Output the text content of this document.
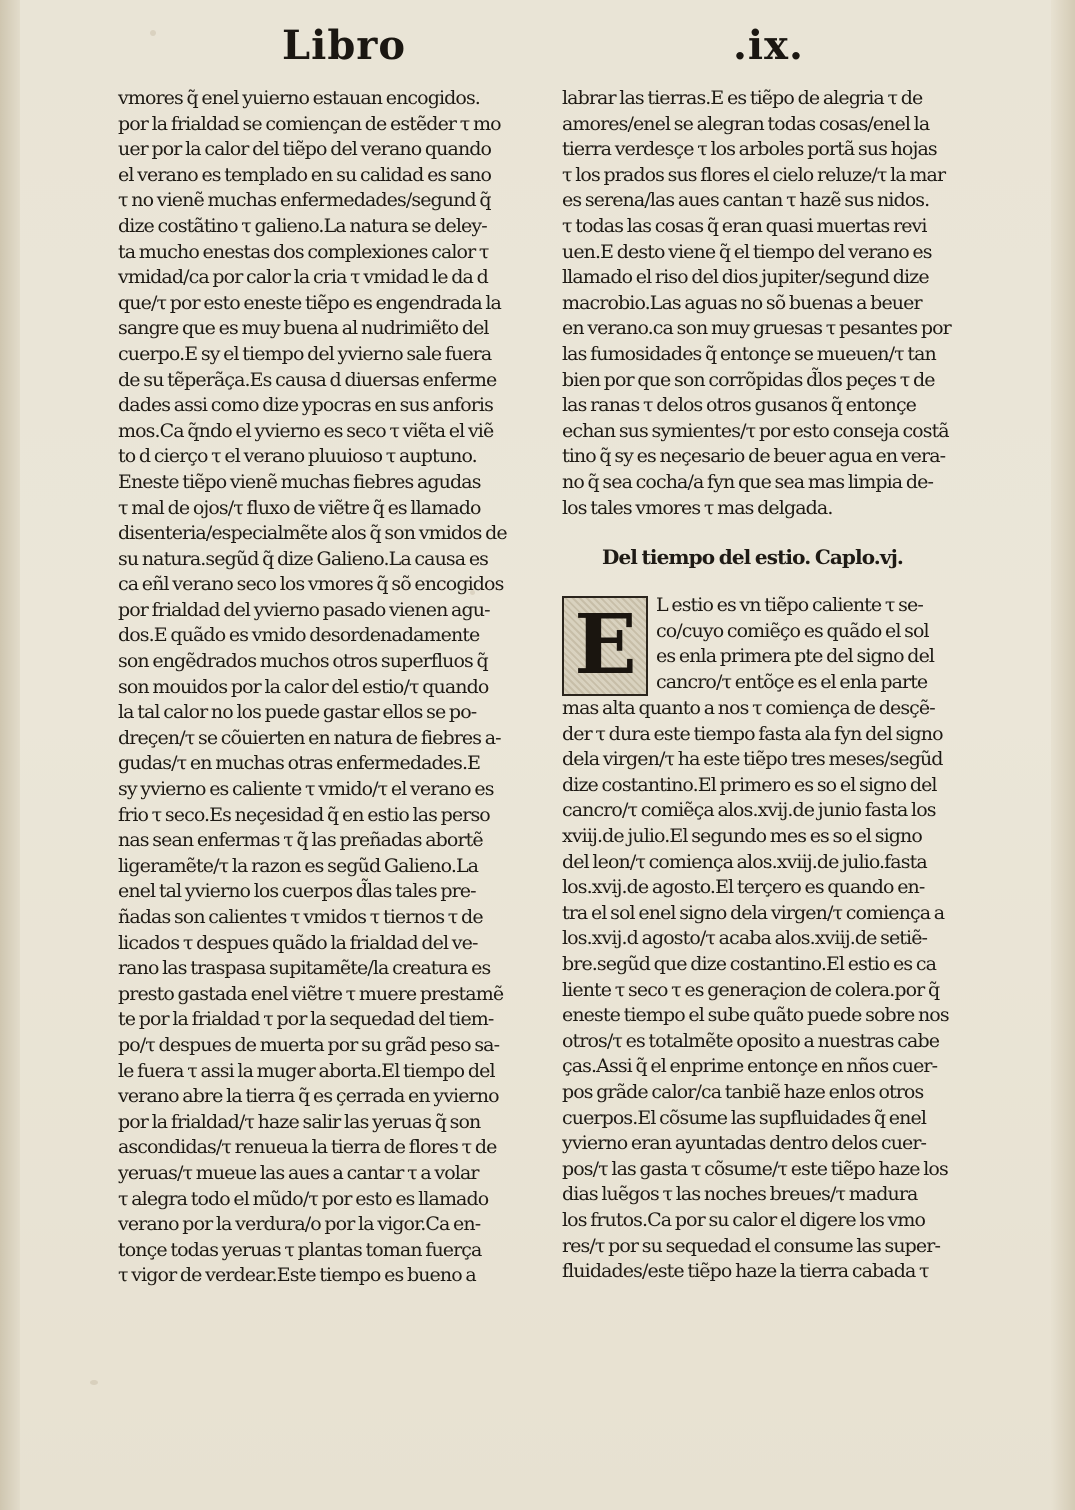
Libro	.ix.
vmores q̃ enel yuierno estauan encogidos.
por la frialdad se comiençan de estẽder τ mo
uer por la calor del tiẽpo del verano quando
el verano es templado en su calidad es sano
τ no vienẽ muchas enfermedades/segund q̃
dize costãtino τ galieno.La natura se deley-
ta mucho enestas dos complexiones calor τ
vmidad/ca por calor la cria τ vmidad le da d
que/τ por esto eneste tiẽpo es engendrada la
sangre que es muy buena al nudrimiẽto del
cuerpo.E sy el tiempo del yvierno sale fuera
de su tẽperãça.Es causa d diuersas enferme
dades assi como dize ypocras en sus anforis
mos.Ca q̃ndo el yvierno es seco τ viẽta el viẽ
to d cierço τ el verano pluuioso τ auptuno.
Eneste tiẽpo vienẽ muchas fiebres agudas
τ mal de ojos/τ fluxo de viẽtre q̃ es llamado
disenteria/especialmẽte alos q̃ son vmidos de
su natura.segũd q̃ dize Galieno.La causa es
ca eñl verano seco los vmores q̃ sõ encogidos
por frialdad del yvierno pasado vienen agu-
dos.E quãdo es vmido desordenadamente
son engẽdrados muchos otros superfluos q̃
son mouidos por la calor del estio/τ quando
la tal calor no los puede gastar ellos se po-
dreçen/τ se cõuierten en natura de fiebres a-
gudas/τ en muchas otras enfermedades.E
sy yvierno es caliente τ vmido/τ el verano es
frio τ seco.Es neçesidad q̃ en estio las perso
nas sean enfermas τ q̃ las preñadas abortẽ
ligeramẽte/τ la razon es segũd Galieno.La
enel tal yvierno los cuerpos d̃las tales pre-
ñadas son calientes τ vmidos τ tiernos τ de
licados τ despues quãdo la frialdad del ve-
rano las traspasa supitamẽte/la creatura es
presto gastada enel viẽtre τ muere prestamẽ
te por la frialdad τ por la sequedad del tiem-
po/τ despues de muerta por su grãd peso sa-
le fuera τ assi la muger aborta.El tiempo del
verano abre la tierra q̃ es çerrada en yvierno
por la frialdad/τ haze salir las yeruas q̃ son
ascondidas/τ renueua la tierra de flores τ de
yeruas/τ mueue las aues a cantar τ a volar
τ alegra todo el mũdo/τ por esto es llamado
verano por la verdura/o por la vigor.Ca en-
tonçe todas yeruas τ plantas toman fuerça
τ vigor de verdear.Este tiempo es bueno a
labrar las tierras.E es tiẽpo de alegria τ de
amores/enel se alegran todas cosas/enel la
tierra verdesçe τ los arboles portã sus hojas
τ los prados sus flores el cielo reluze/τ la mar
es serena/las aues cantan τ hazẽ sus nidos.
τ todas las cosas q̃ eran quasi muertas revi
uen.E desto viene q̃ el tiempo del verano es
llamado el riso del dios jupiter/segund dize
macrobio.Las aguas no sõ buenas a beuer
en verano.ca son muy gruesas τ pesantes por
las fumosidades q̃ entonçe se mueuen/τ tan
bien por que son corrõpidas d̃los peçes τ de
las ranas τ delos otros gusanos q̃ entonçe
echan sus symientes/τ por esto consejа costã
tino q̃ sy es neçesario de beuer agua en vera-
no q̃ sea cocha/a fyn que sea mas limpia de-
los tales vmores τ mas delgada.
Del tiempo del estio. Caplo.vj.
E	L estio es vn tiẽpo caliente τ se-
co/cuyo comiẽço es quãdo el sol
es enla primera pte del signo del
cancro/τ entõçe es el enla parte
mas alta quanto a nos τ comiença de desçẽ-
der τ dura este tiempo fasta ala fyn del signo
dela virgen/τ ha este tiẽpo tres meses/segũd
dize costantino.El primero es so el signo del
cancro/τ comiẽça alos.xvij.de junio fasta los
xviij.de julio.El segundo mes es so el signo
del leon/τ comiença alos.xviij.de julio.fasta
los.xvij.de agosto.El terçero es quando en-
tra el sol enel signo dela virgen/τ comiença a
los.xvij.d agosto/τ acaba alos.xviij.de setiẽ-
bre.segũd que dize costantino.El estio es ca
liente τ seco τ es generaçion de colera.por q̃
eneste tiempo el sube quãto puede sobre nos
otros/τ es totalmẽte oposito a nuestras cabe
ças.Assi q̃ el enprime entonçe en nños cuer-
pos grãde calor/ca tanbiẽ haze enlos otros
cuerpos.El cõsume las supfluidades q̃ enel
yvierno eran ayuntadas dentro delos cuer-
pos/τ las gasta τ cõsume/τ este tiẽpo haze los
dias luẽgos τ las noches breues/τ madura
los frutos.Ca por su calor el digere los vmo
res/τ por su sequedad el consume las super-
fluidades/este tiẽpo haze la tierra cabada τ
